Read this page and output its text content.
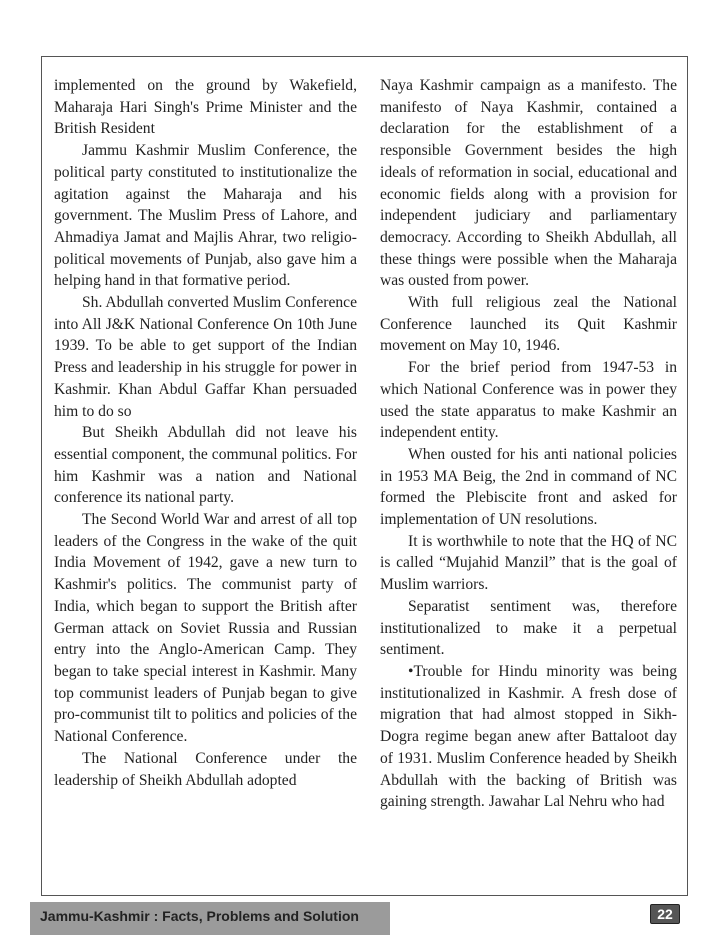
implemented on the ground by Wakefield, Maharaja Hari Singh's Prime Minister and the British Resident

Jammu Kashmir Muslim Conference, the political party constituted to institutionalize the agitation against the Maharaja and his government. The Muslim Press of Lahore, and Ahmadiya Jamat and Majlis Ahrar, two religio-political movements of Punjab, also gave him a helping hand in that formative period.

Sh. Abdullah converted Muslim Conference into All J&K National Conference On 10th June 1939. To be able to get support of the Indian Press and leadership in his struggle for power in Kashmir. Khan Abdul Gaffar Khan persuaded him to do so

But Sheikh Abdullah did not leave his essential component, the communal politics. For him Kashmir was a nation and National conference its national party.

The Second World War and arrest of all top leaders of the Congress in the wake of the quit India Movement of 1942, gave a new turn to Kashmir's politics. The communist party of India, which began to support the British after German attack on Soviet Russia and Russian entry into the Anglo-American Camp. They began to take special interest in Kashmir. Many top communist leaders of Punjab began to give pro-communist tilt to politics and policies of the National Conference.

The National Conference under the leadership of Sheikh Abdullah adopted

Naya Kashmir campaign as a manifesto. The manifesto of Naya Kashmir, contained a declaration for the establishment of a responsible Government besides the high ideals of reformation in social, educational and economic fields along with a provision for independent judiciary and parliamentary democracy. According to Sheikh Abdullah, all these things were possible when the Maharaja was ousted from power.

With full religious zeal the National Conference launched its Quit Kashmir movement on May 10, 1946.

For the brief period from 1947-53 in which National Conference was in power they used the state apparatus to make Kashmir an independent entity.

When ousted for his anti national policies in 1953 MA Beig, the 2nd in command of NC formed the Plebiscite front and asked for implementation of UN resolutions.

It is worthwhile to note that the HQ of NC is called “Mujahid Manzil” that is the goal of Muslim warriors.

Separatist sentiment was, therefore institutionalized to make it a perpetual sentiment.

•Trouble for Hindu minority was being institutionalized in Kashmir. A fresh dose of migration that had almost stopped in Sikh-Dogra regime began anew after Battaloot day of 1931. Muslim Conference headed by Sheikh Abdullah with the backing of British was gaining strength. Jawahar Lal Nehru who had

Jammu-Kashmir : Facts, Problems and Solution	22
